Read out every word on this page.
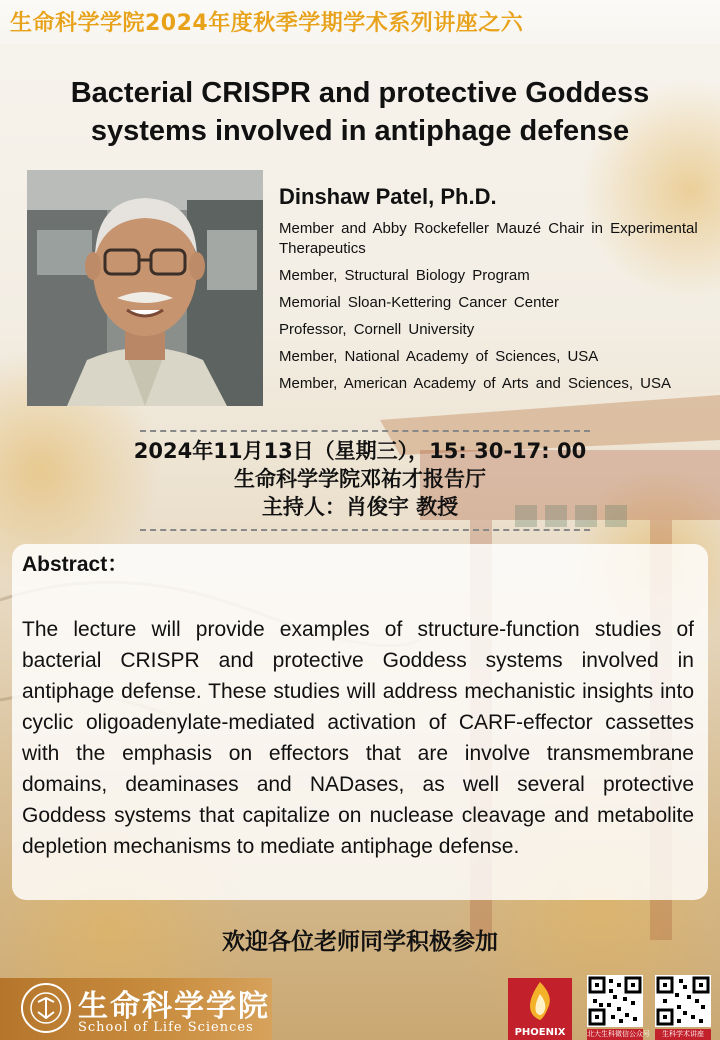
生命科学学院2024年度秋季学期学术系列讲座之六
Bacterial CRISPR and protective Goddess
systems involved in antiphage defense
Dinshaw Patel, Ph.D.
Member and Abby Rockefeller Mauzé Chair in Experimental Therapeutics
Member, Structural Biology Program
Memorial Sloan-Kettering Cancer Center
Professor, Cornell University
Member, National Academy of Sciences, USA
Member, American Academy of Arts and Sciences, USA
2024年11月13日（星期三），15: 30-17: 00
生命科学学院邓祐才报告厅
主持人：肖俊宇 教授
Abstract：
The lecture will provide examples of structure-function studies of bacterial CRISPR and protective Goddess systems involved in antiphage defense. These studies will address mechanistic insights into cyclic oligoadenylate-mediated activation of CARF-effector cassettes with the emphasis on effectors that are involve transmembrane domains, deaminases and NADases, as well several protective Goddess systems that capitalize on nuclease cleavage and metabolite depletion mechanisms to mediate antiphage defense.
欢迎各位老师同学积极参加
生命科学学院
School of Life Sciences	PHOENIX	北大生科微信公众号	生科学术讲座
